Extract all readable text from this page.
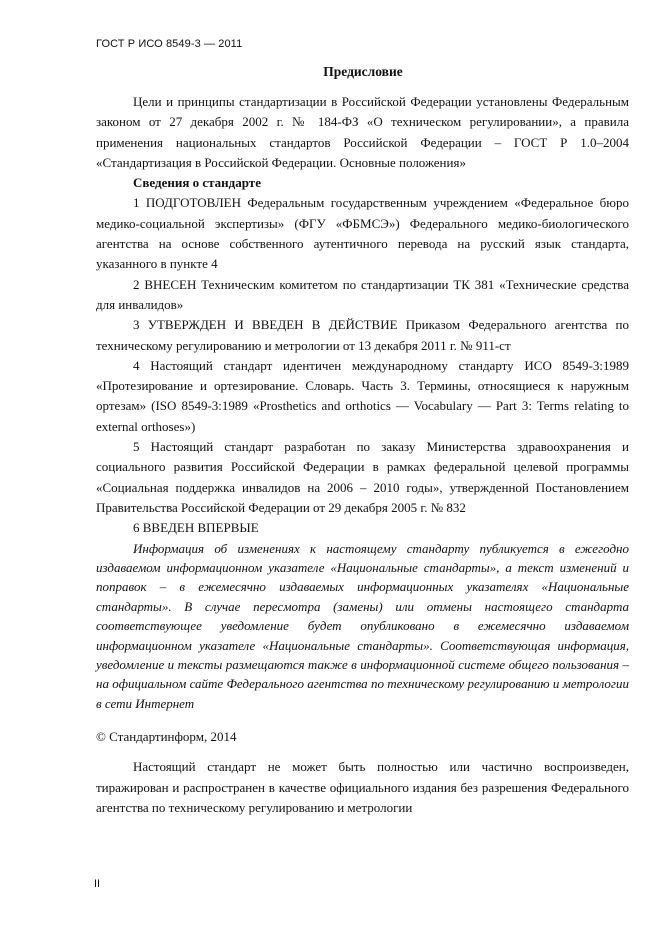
ГОСТ Р ИСО 8549-3 — 2011
Предисловие

Цели и принципы стандартизации в Российской Федерации установлены Федеральным законом от 27 декабря 2002 г. № 184-ФЗ «О техническом регулировании», а правила применения национальных стандартов Российской Федерации – ГОСТ Р 1.0–2004 «Стандартизация в Российской Федерации. Основные положения»

Сведения о стандарте

1 ПОДГОТОВЛЕН Федеральным государственным учреждением «Федеральное бюро медико-социальной экспертизы» (ФГУ «ФБМСЭ») Федерального медико-биологического агентства на основе собственного аутентичного перевода на русский язык стандарта, указанного в пункте 4

2 ВНЕСЕН Техническим комитетом по стандартизации ТК 381 «Технические средства для инвалидов»

3 УТВЕРЖДЕН И ВВЕДЕН В ДЕЙСТВИЕ Приказом Федерального агентства по техническому регулированию и метрологии от 13 декабря 2011 г. № 911-ст

4 Настоящий стандарт идентичен международному стандарту ИСО 8549-3:1989 «Протезирование и ортезирование. Словарь. Часть 3. Термины, относящиеся к наружным ортезам» (ISO 8549-3:1989 «Prosthetics and orthotics — Vocabulary — Part 3: Terms relating to external orthoses»)

5 Настоящий стандарт разработан по заказу Министерства здравоохранения и социального развития Российской Федерации в рамках федеральной целевой программы «Социальная поддержка инвалидов на 2006 – 2010 годы», утвержденной Постановлением Правительства Российской Федерации от 29 декабря 2005 г. № 832

6 ВВЕДЕН ВПЕРВЫЕ

Информация об изменениях к настоящему стандарту публикуется в ежегодно издаваемом информационном указателе «Национальные стандарты», а текст изменений и поправок – в ежемесячно издаваемых информационных указателях «Национальные стандарты». В случае пересмотра (замены) или отмены настоящего стандарта соответствующее уведомление будет опубликовано в ежемесячно издаваемом информационном указателе «Национальные стандарты». Соответствующая информация, уведомление и тексты размещаются также в информационной системе общего пользования – на официальном сайте Федерального агентства по техническому регулированию и метрологии в сети Интернет

© Стандартинформ, 2014

Настоящий стандарт не может быть полностью или частично воспроизведен, тиражирован и распространен в качестве официального издания без разрешения Федерального агентства по техническому регулированию и метрологии

II
